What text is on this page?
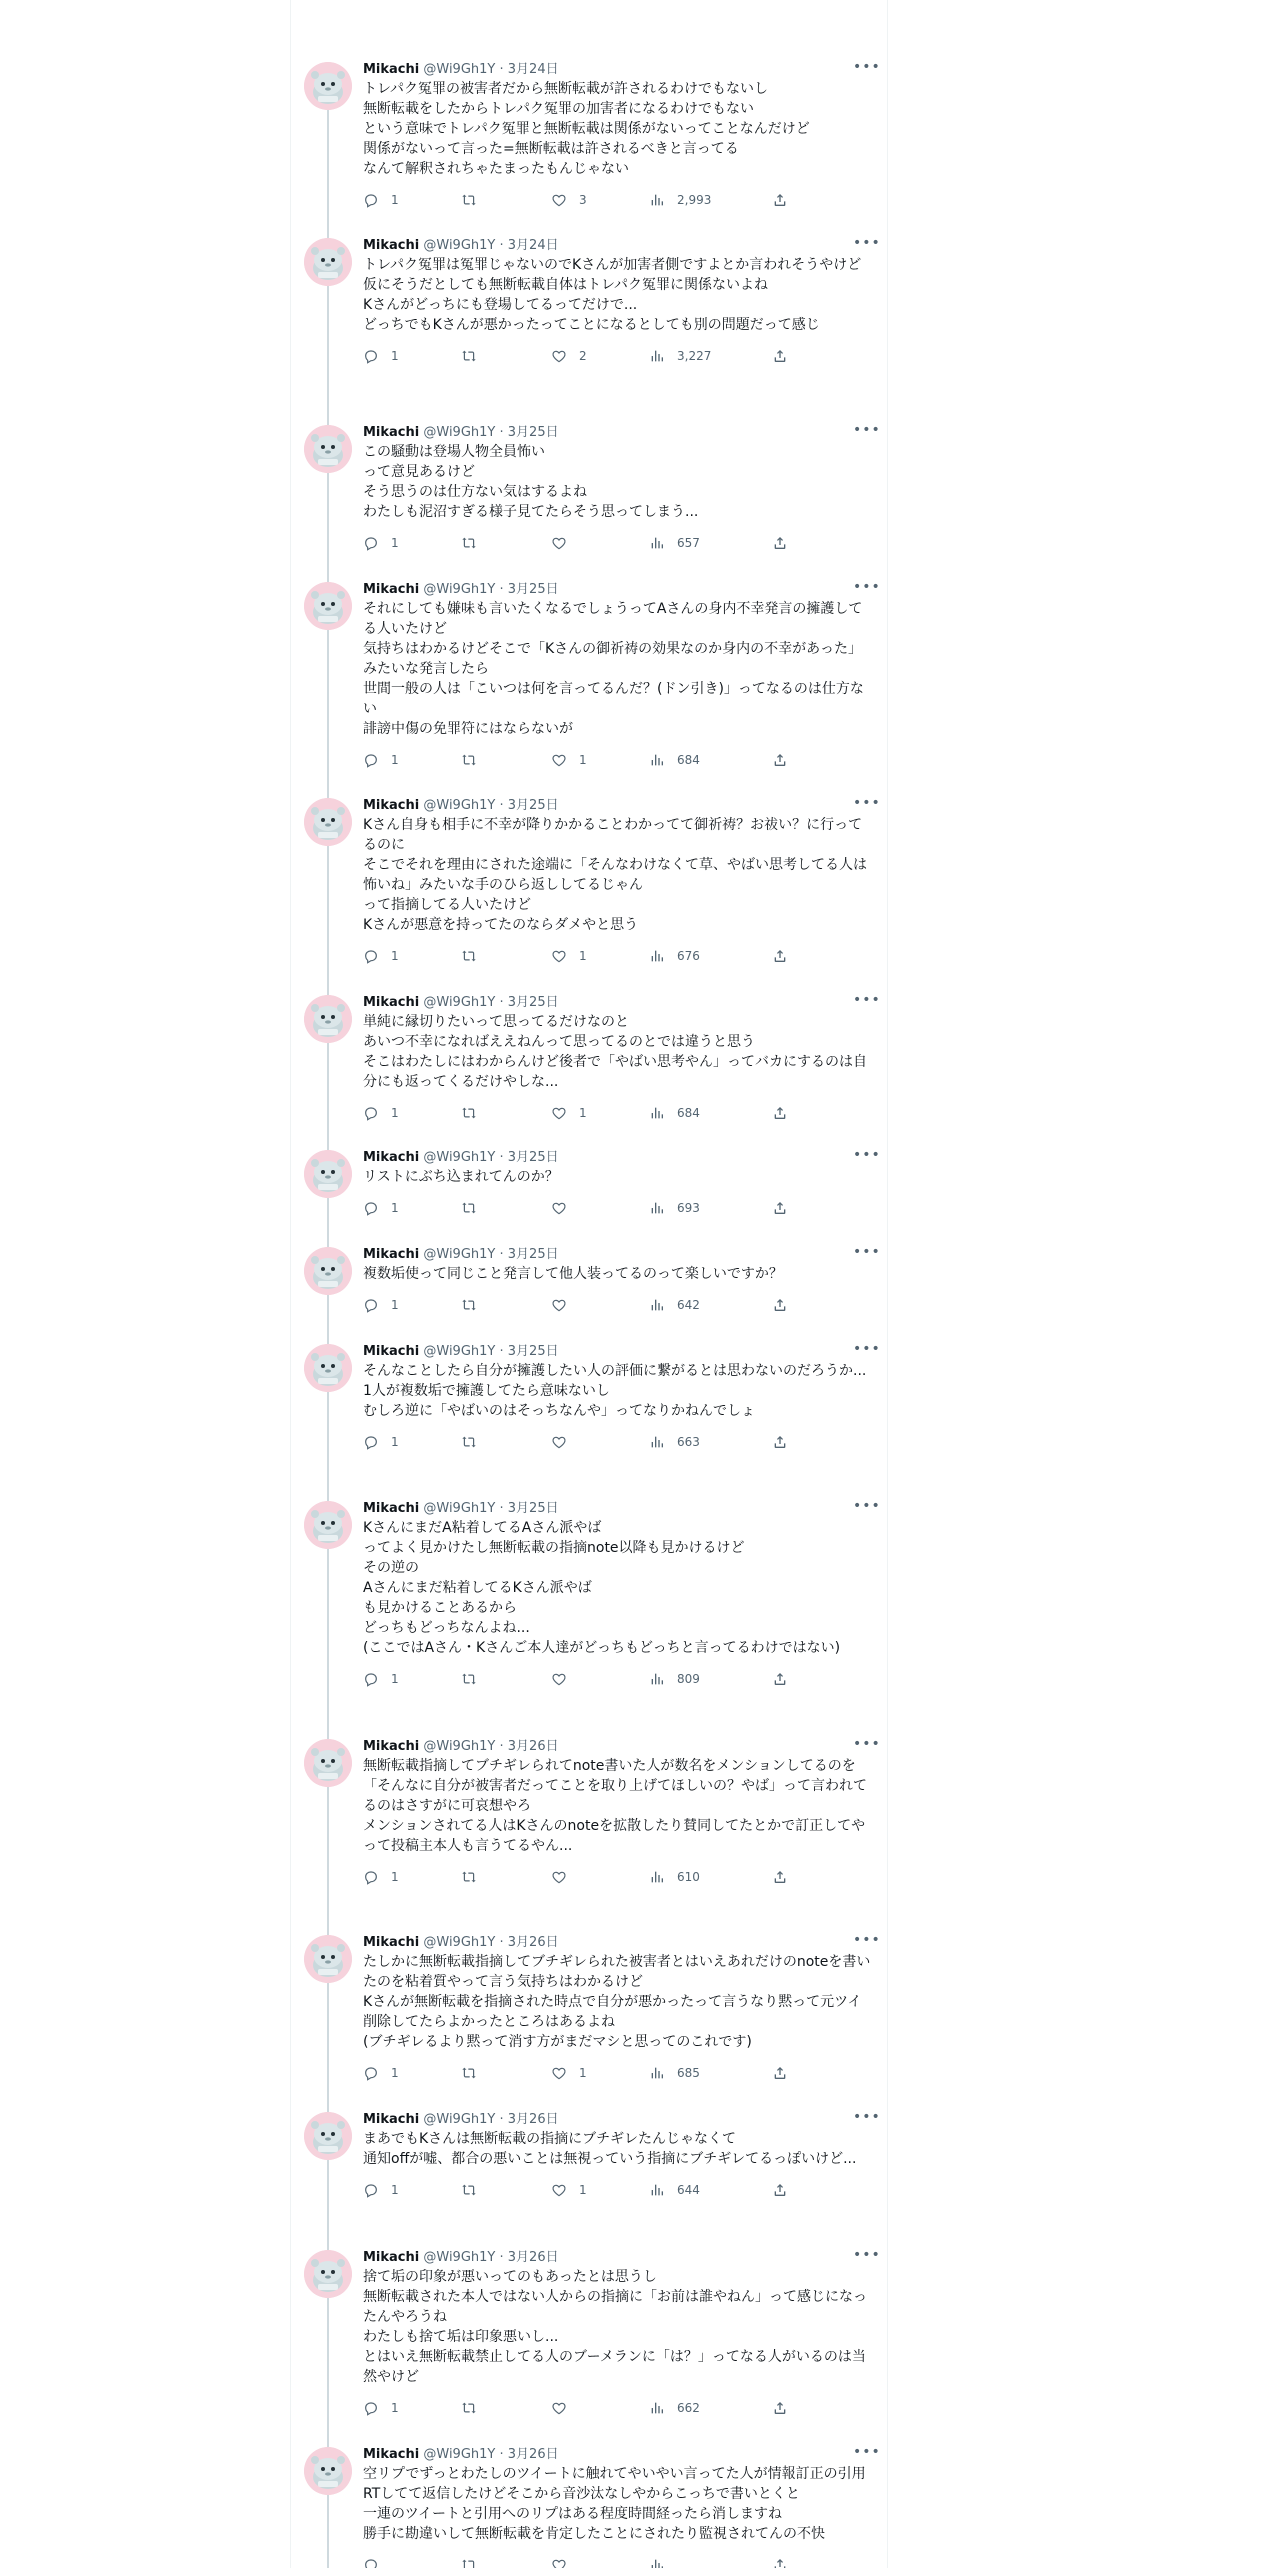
Mikachi @Wi9Gh1Y · 3月24日	•••
トレパク冤罪の被害者だから無断転載が許されるわけでもないし
無断転載をしたからトレパク冤罪の加害者になるわけでもない
という意味でトレパク冤罪と無断転載は関係がないってことなんだけど
関係がないって言った=無断転載は許されるべきと言ってる
なんて解釈されちゃたまったもんじゃない
1	3	2,993
Mikachi @Wi9Gh1Y · 3月24日	•••
トレパク冤罪は冤罪じゃないのでKさんが加害者側ですよとか言われそうやけど
仮にそうだとしても無断転載自体はトレパク冤罪に関係ないよね
Kさんがどっちにも登場してるってだけで...
どっちでもKさんが悪かったってことになるとしても別の問題だって感じ
1	2	3,227
Mikachi @Wi9Gh1Y · 3月25日	•••
この騒動は登場人物全員怖い
って意見あるけど
そう思うのは仕方ない気はするよね
わたしも泥沼すぎる様子見てたらそう思ってしまう...
1	657
Mikachi @Wi9Gh1Y · 3月25日	•••
それにしても嫌味も言いたくなるでしょうってAさんの身内不幸発言の擁護してる人いたけど
気持ちはわかるけどそこで「Kさんの御祈祷の効果なのか身内の不幸があった」みたいな発言したら
世間一般の人は「こいつは何を言ってるんだ？(ドン引き)」ってなるのは仕方ない
誹謗中傷の免罪符にはならないが
1	1	684
Mikachi @Wi9Gh1Y · 3月25日	•••
Kさん自身も相手に不幸が降りかかることわかってて御祈祷？お祓い？に行ってるのに
そこでそれを理由にされた途端に「そんなわけなくて草、やばい思考してる人は怖いね」みたいな手のひら返ししてるじゃん
って指摘してる人いたけど
Kさんが悪意を持ってたのならダメやと思う
1	1	676
Mikachi @Wi9Gh1Y · 3月25日	•••
単純に縁切りたいって思ってるだけなのと
あいつ不幸になればええねんって思ってるのとでは違うと思う
そこはわたしにはわからんけど後者で「やばい思考やん」ってバカにするのは自分にも返ってくるだけやしな...
1	1	684
Mikachi @Wi9Gh1Y · 3月25日	•••
リストにぶち込まれてんのか？
1	693
Mikachi @Wi9Gh1Y · 3月25日	•••
複数垢使って同じこと発言して他人装ってるのって楽しいですか？
1	642
Mikachi @Wi9Gh1Y · 3月25日	•••
そんなことしたら自分が擁護したい人の評価に繋がるとは思わないのだろうか...
1人が複数垢で擁護してたら意味ないし
むしろ逆に「やばいのはそっちなんや」ってなりかねんでしょ
1	663
Mikachi @Wi9Gh1Y · 3月25日	•••
KさんにまだA粘着してるAさん派やば
ってよく見かけたし無断転載の指摘note以降も見かけるけど
その逆の
Aさんにまだ粘着してるKさん派やば
も見かけることあるから
どっちもどっちなんよね...
(ここではAさん・Kさんご本人達がどっちもどっちと言ってるわけではない)
1	809
Mikachi @Wi9Gh1Y · 3月26日	•••
無断転載指摘してブチギレられてnote書いた人が数名をメンションしてるのを
「そんなに自分が被害者だってことを取り上げてほしいの？やば」って言われてるのはさすがに可哀想やろ
メンションされてる人はKさんのnoteを拡散したり賛同してたとかで訂正してやって投稿主本人も言うてるやん...
1	610
Mikachi @Wi9Gh1Y · 3月26日	•••
たしかに無断転載指摘してブチギレられた被害者とはいえあれだけのnoteを書いたのを粘着質やって言う気持ちはわかるけど
Kさんが無断転載を指摘された時点で自分が悪かったって言うなり黙って元ツイ削除してたらよかったところはあるよね
(ブチギレるより黙って消す方がまだマシと思ってのこれです)
1	1	685
Mikachi @Wi9Gh1Y · 3月26日	•••
まあでもKさんは無断転載の指摘にブチギレたんじゃなくて
通知offが嘘、都合の悪いことは無視っていう指摘にブチギレてるっぽいけど...
1	1	644
Mikachi @Wi9Gh1Y · 3月26日	•••
捨て垢の印象が悪いってのもあったとは思うし
無断転載された本人ではない人からの指摘に「お前は誰やねん」って感じになったんやろうね
わたしも捨て垢は印象悪いし...
とはいえ無断転載禁止してる人のブーメランに「は？」ってなる人がいるのは当然やけど
1	662
Mikachi @Wi9Gh1Y · 3月26日	•••
空リプでずっとわたしのツイートに触れてやいやい言ってた人が情報訂正の引用RTしてて返信したけどそこから音沙汰なしやからこっちで書いとくと
一連のツイートと引用へのリプはある程度時間経ったら消しますね
勝手に勘違いして無断転載を肯定したことにされたり監視されてんの不快
